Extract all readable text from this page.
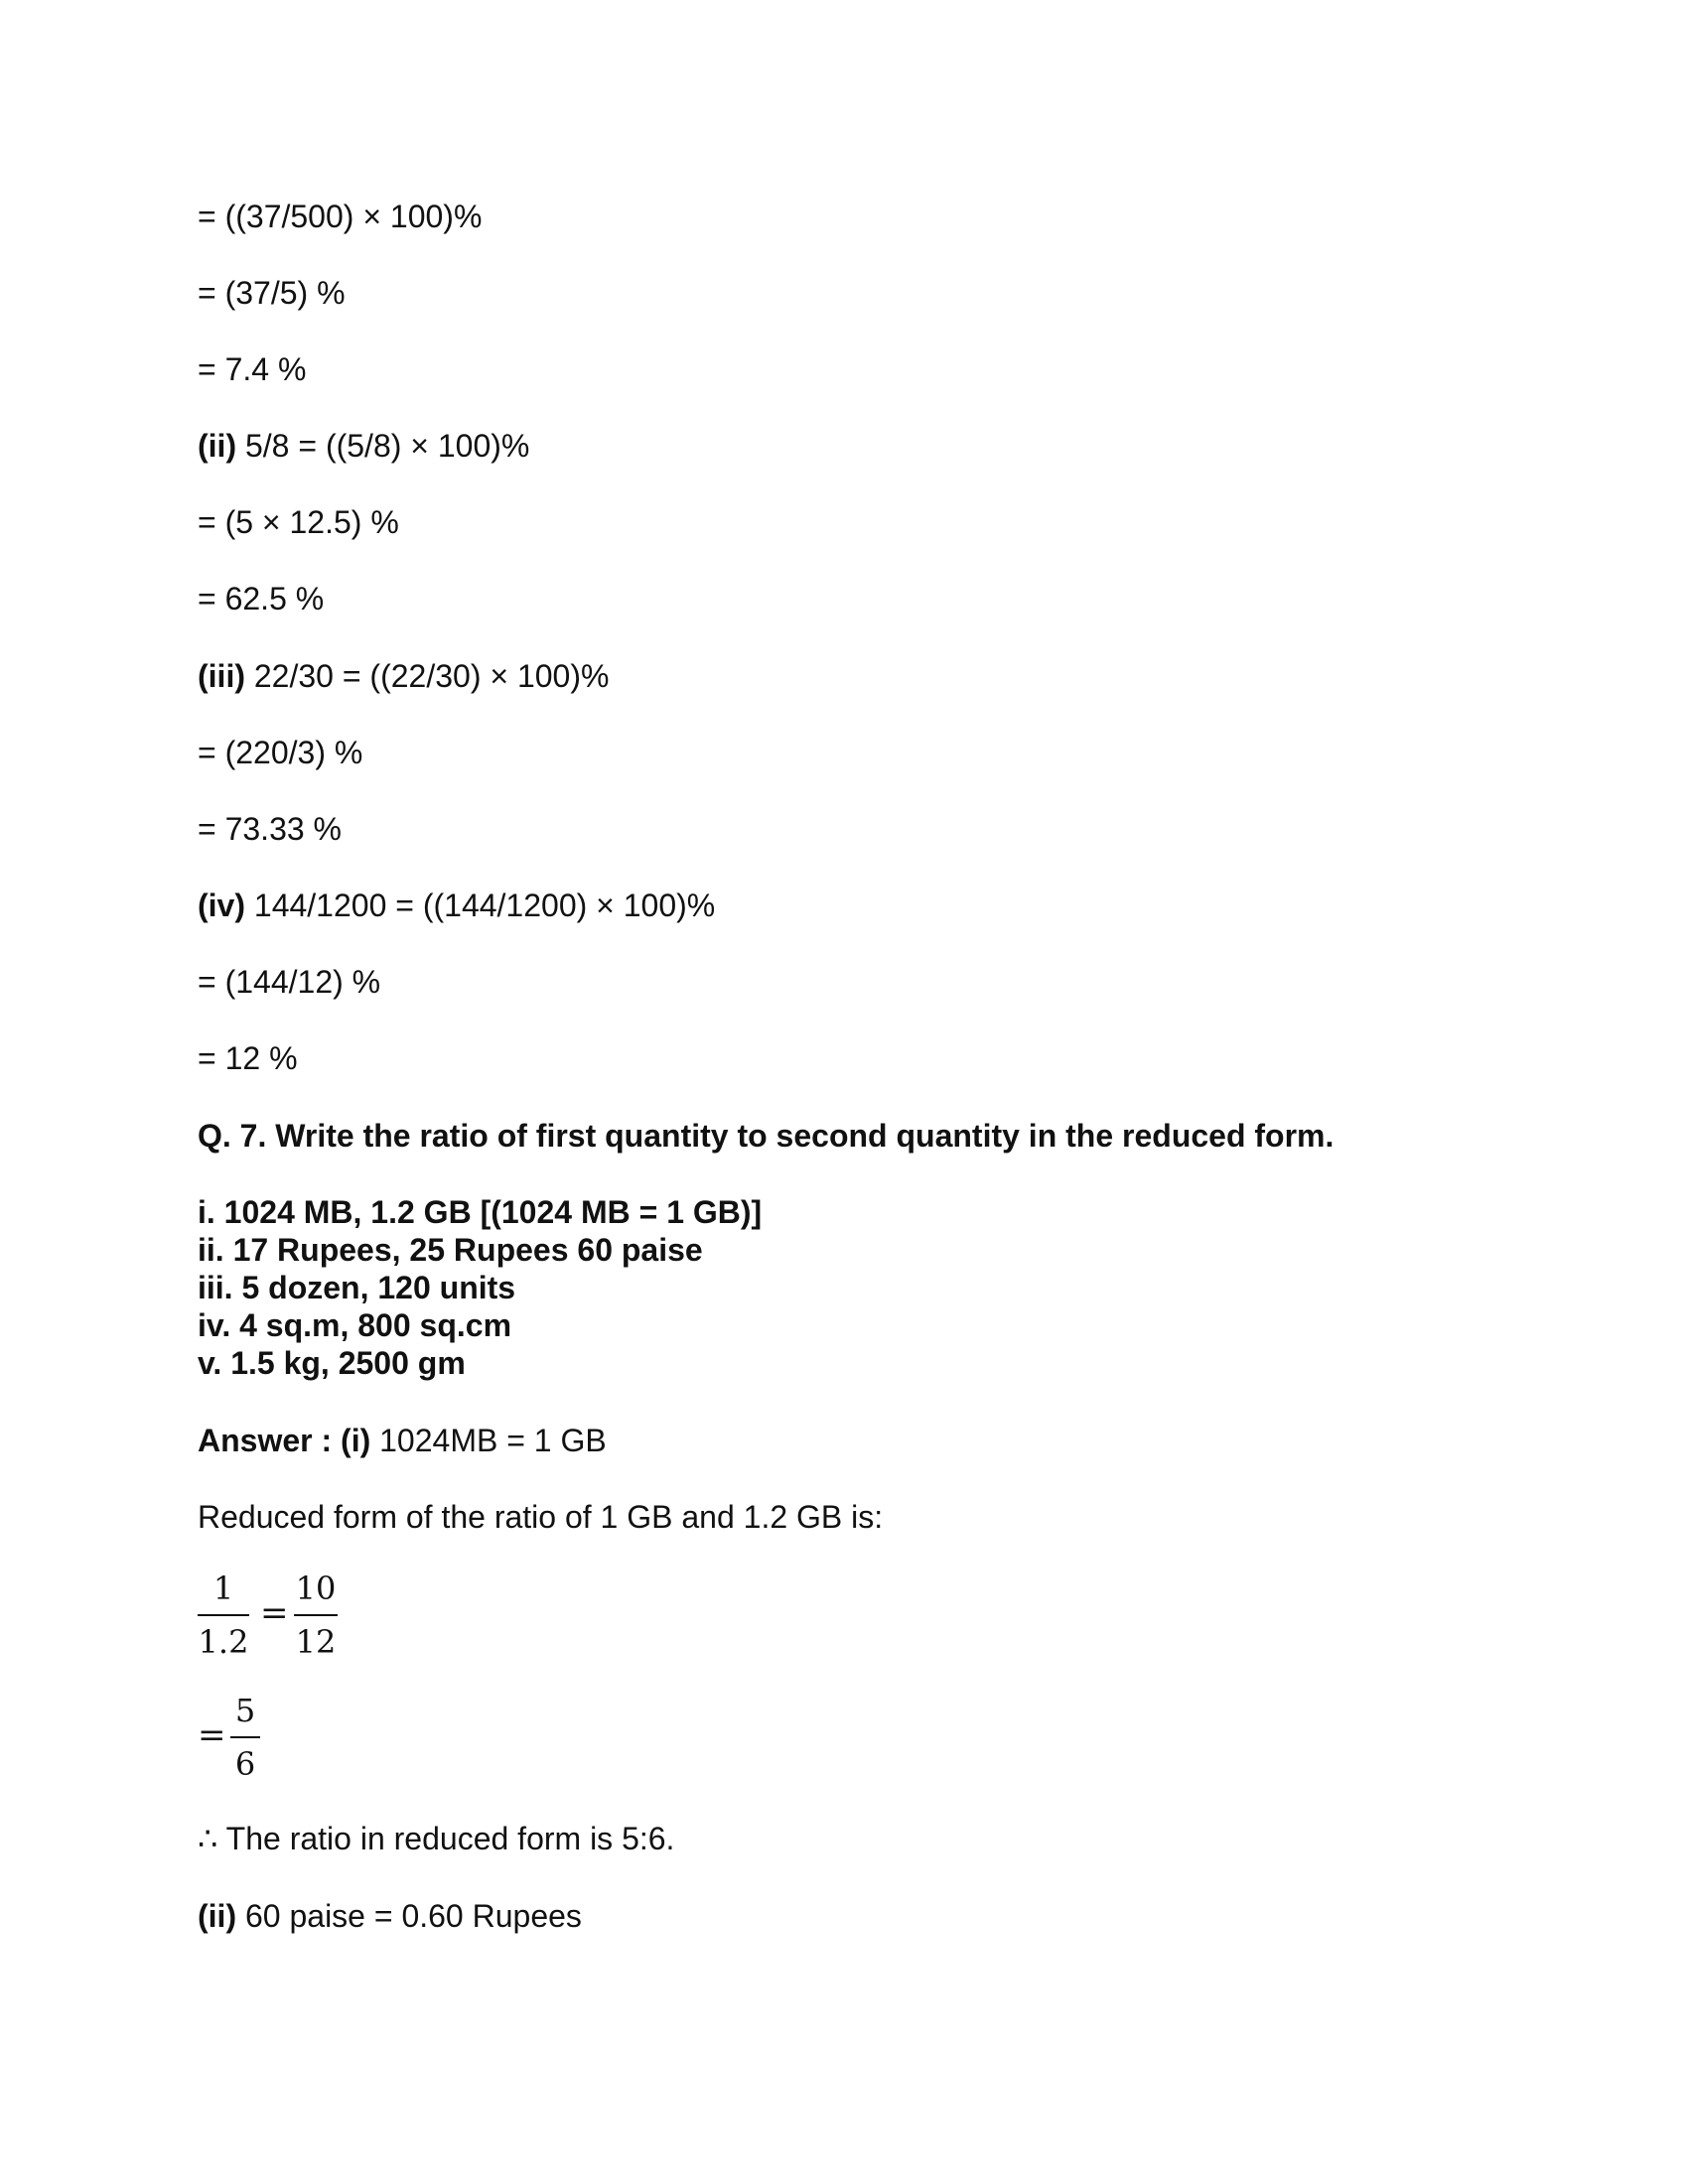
= ((37/500) × 100)%
= (37/5) %
= 7.4 %
(ii) 5/8 = ((5/8) × 100)%
= (5 × 12.5) %
= 62.5 %
(iii) 22/30 = ((22/30) × 100)%
= (220/3) %
= 73.33 %
(iv) 144/1200 = ((144/1200) × 100)%
= (144/12) %
= 12 %
Q. 7. Write the ratio of first quantity to second quantity in the reduced form.
i. 1024 MB, 1.2 GB [(1024 MB = 1 GB)]
ii. 17 Rupees, 25 Rupees 60 paise
iii. 5 dozen, 120 units
iv. 4 sq.m, 800 sq.cm
v. 1.5 kg, 2500 gm
Answer : (i) 1024MB = 1 GB
Reduced form of the ratio of 1 GB and 1.2 GB is:
1
1.2
=
10
12
=
5
6
∴ The ratio in reduced form is 5:6.
(ii) 60 paise = 0.60 Rupees
